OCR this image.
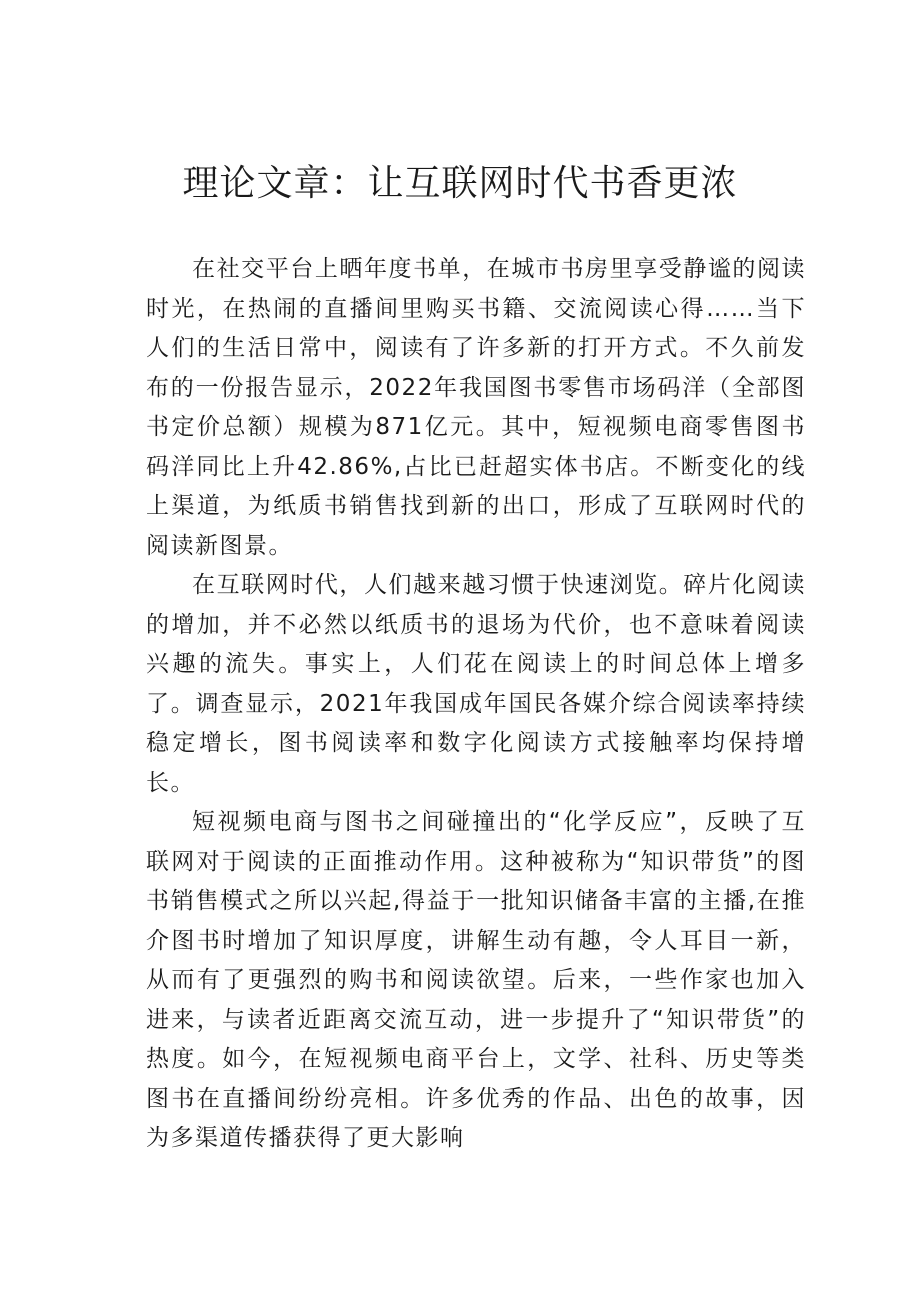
理论文章：让互联网时代书香更浓

在社交平台上晒年度书单，在城市书房里享受静谧的阅读时光，在热闹的直播间里购买书籍、交流阅读心得……当下人们的生活日常中，阅读有了许多新的打开方式。不久前发布的一份报告显示，2022年我国图书零售市场码洋（全部图书定价总额）规模为871亿元。其中，短视频电商零售图书码洋同比上升42.86%,占比已赶超实体书店。不断变化的线上渠道，为纸质书销售找到新的出口，形成了互联网时代的阅读新图景。

在互联网时代，人们越来越习惯于快速浏览。碎片化阅读的增加，并不必然以纸质书的退场为代价，也不意味着阅读兴趣的流失。事实上，人们花在阅读上的时间总体上增多了。调查显示，2021年我国成年国民各媒介综合阅读率持续稳定增长，图书阅读率和数字化阅读方式接触率均保持增长。

短视频电商与图书之间碰撞出的“化学反应”，反映了互联网对于阅读的正面推动作用。这种被称为“知识带货”的图书销售模式之所以兴起,得益于一批知识储备丰富的主播,在推介图书时增加了知识厚度，讲解生动有趣，令人耳目一新，从而有了更强烈的购书和阅读欲望。后来，一些作家也加入进来，与读者近距离交流互动，进一步提升了“知识带货”的热度。如今，在短视频电商平台上，文学、社科、历史等类图书在直播间纷纷亮相。许多优秀的作品、出色的故事，因为多渠道传播获得了更大影响
